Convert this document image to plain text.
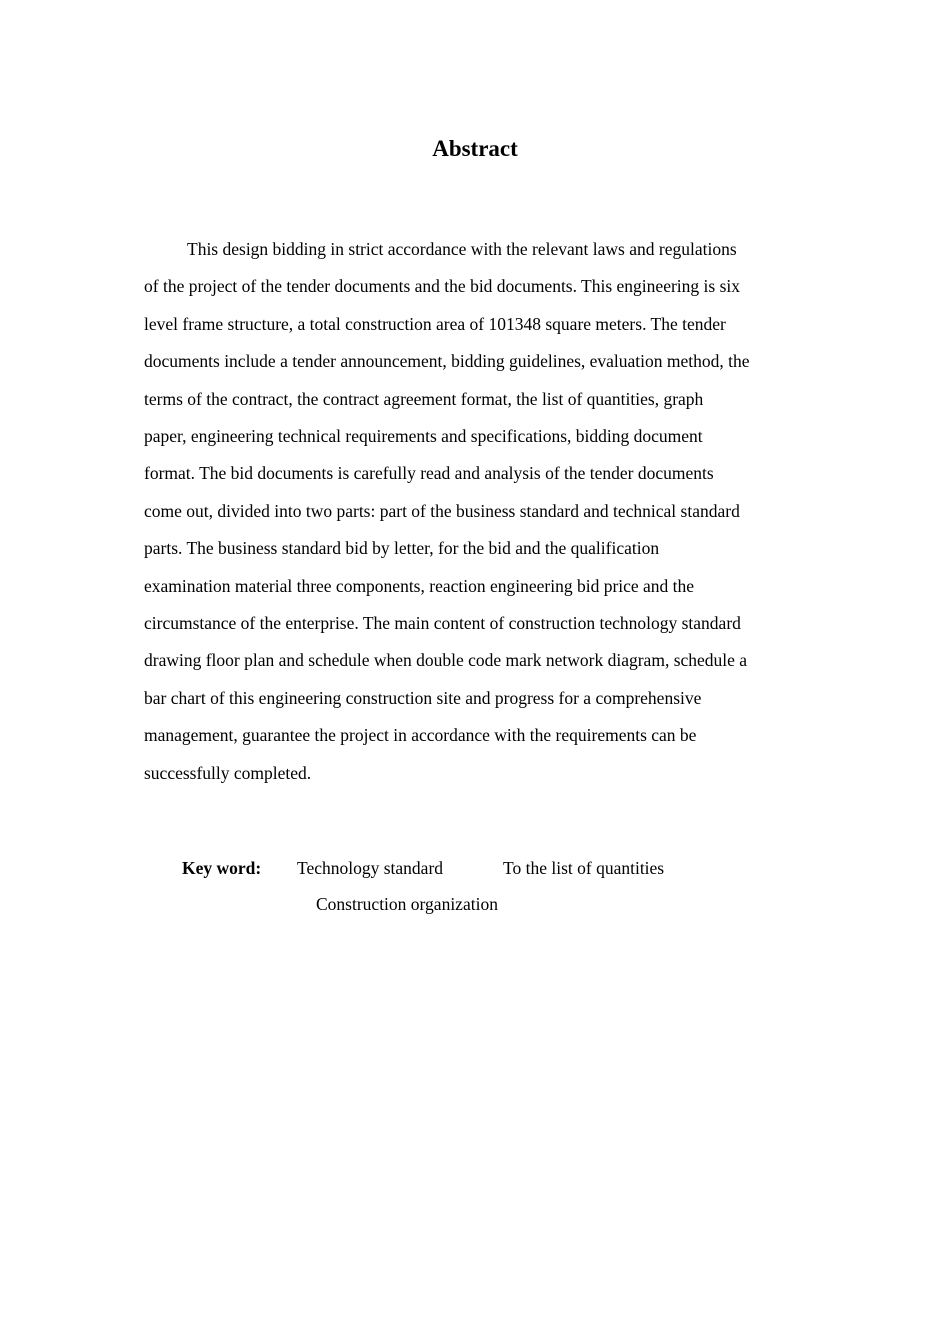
Abstract
This design bidding in strict accordance with the relevant laws and regulations
of the project of the tender documents and the bid documents. This engineering is six
level frame structure, a total construction area of 101348 square meters. The tender
documents include a tender announcement, bidding guidelines, evaluation method, the
terms of the contract, the contract agreement format, the list of quantities, graph
paper, engineering technical requirements and specifications, bidding document
format. The bid documents is carefully read and analysis of the tender documents
come out, divided into two parts: part of the business standard and technical standard
parts. The business standard bid by letter, for the bid and the qualification
examination material three components, reaction engineering bid price and the
circumstance of the enterprise. The main content of construction technology standard
drawing floor plan and schedule when double code mark network diagram, schedule a
bar chart of this engineering construction site and progress for a comprehensive
management, guarantee the project in accordance with the requirements can be
successfully completed.
Key word: Technology standard	To the list of quantities
Construction organization
